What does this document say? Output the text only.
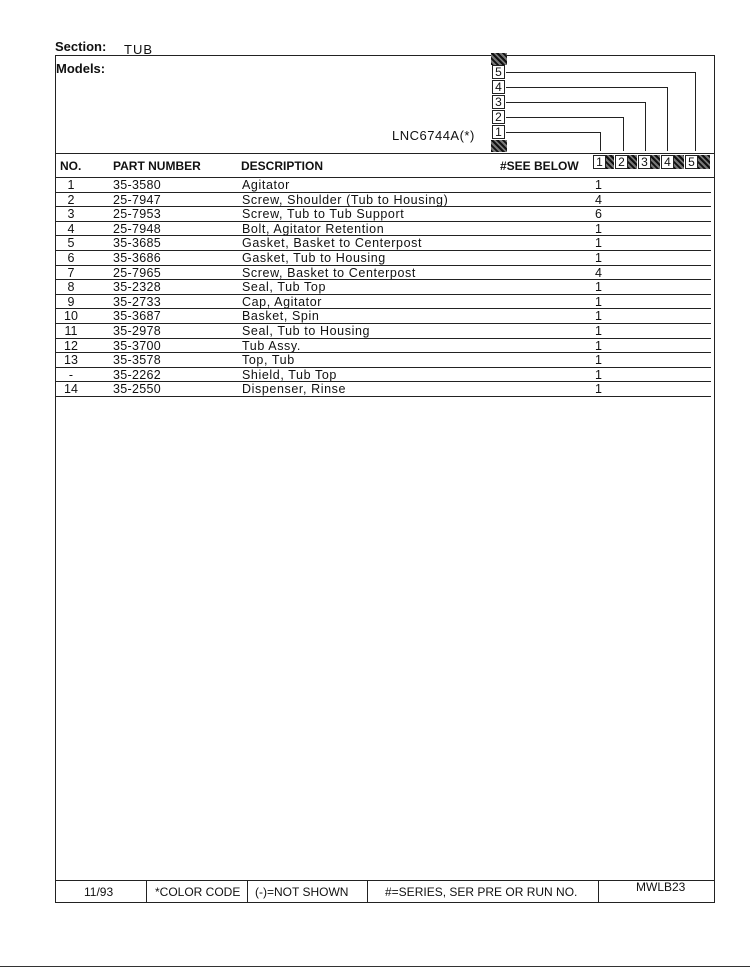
Section: TUB
Models:
LNC6744A(*)
5
4
3
2
1
NO.	PART NUMBER	DESCRIPTION	#SEE BELOW 1 2 3 4 5
1	35-3580	Agitator	1
2	25-7947	Screw, Shoulder (Tub to Housing)	4
3	25-7953	Screw, Tub to Tub Support	6
4	25-7948	Bolt, Agitator Retention	1
5	35-3685	Gasket, Basket to Centerpost	1
6	35-3686	Gasket, Tub to Housing	1
7	25-7965	Screw, Basket to Centerpost	4
8	35-2328	Seal, Tub Top	1
9	35-2733	Cap, Agitator	1
10	35-3687	Basket, Spin	1
11	35-2978	Seal, Tub to Housing	1
12	35-3700	Tub Assy.	1
13	35-3578	Top, Tub	1
-	35-2262	Shield, Tub Top	1
14	35-2550	Dispenser, Rinse	1
11/93	*COLOR CODE (-)=NOT SHOWN	#=SERIES, SER PRE OR RUN NO.	MWLB23
